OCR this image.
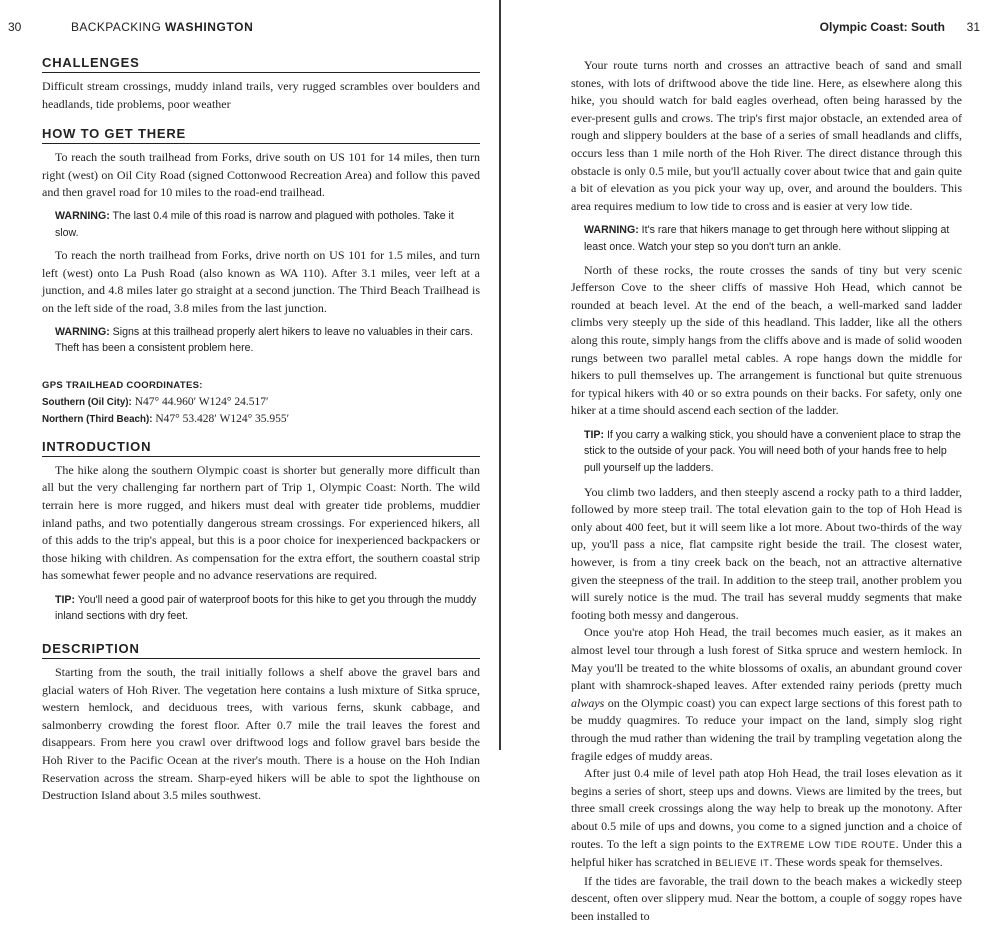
30	BACKPACKING WASHINGTON
CHALLENGES

Difficult stream crossings, muddy inland trails, very rugged scrambles over boulders and headlands, tide problems, poor weather

HOW TO GET THERE

To reach the south trailhead from Forks, drive south on US 101 for 14 miles, then turn right (west) on Oil City Road (signed Cottonwood Recreation Area) and follow this paved and then gravel road for 10 miles to the road-end trailhead.

WARNING: The last 0.4 mile of this road is narrow and plagued with potholes. Take it slow.

To reach the north trailhead from Forks, drive north on US 101 for 1.5 miles, and turn left (west) onto La Push Road (also known as WA 110). After 3.1 miles, veer left at a junction, and 4.8 miles later go straight at a second junction. The Third Beach Trailhead is on the left side of the road, 3.8 miles from the last junction.

WARNING: Signs at this trailhead properly alert hikers to leave no valuables in their cars. Theft has been a consistent problem here.
GPS TRAILHEAD COORDINATES:
Southern (Oil City): N47° 44.960′ W124° 24.517′
Northern (Third Beach): N47° 53.428′ W124° 35.955′
INTRODUCTION

The hike along the southern Olympic coast is shorter but generally more difficult than all but the very challenging far northern part of Trip 1, Olympic Coast: North. The wild terrain here is more rugged, and hikers must deal with greater tide problems, muddier inland paths, and two potentially dangerous stream crossings. For experienced hikers, all of this adds to the trip's appeal, but this is a poor choice for inexperienced backpackers or those hiking with children. As compensation for the extra effort, the southern coastal strip has somewhat fewer people and no advance reservations are required.

TIP: You'll need a good pair of waterproof boots for this hike to get you through the muddy inland sections with dry feet.
DESCRIPTION

Starting from the south, the trail initially follows a shelf above the gravel bars and glacial waters of Hoh River. The vegetation here contains a lush mixture of Sitka spruce, western hemlock, and deciduous trees, with various ferns, skunk cabbage, and salmonberry crowding the forest floor. After 0.7 mile the trail leaves the forest and disappears. From here you crawl over driftwood logs and follow gravel bars beside the Hoh River to the Pacific Ocean at the river's mouth. There is a house on the Hoh Indian Reservation across the stream. Sharp-eyed hikers will be able to spot the lighthouse on Destruction Island about 3.5 miles southwest.

Olympic Coast: South 31

Your route turns north and crosses an attractive beach of sand and small stones, with lots of driftwood above the tide line. Here, as elsewhere along this hike, you should watch for bald eagles overhead, often being harassed by the ever-present gulls and crows. The trip's first major obstacle, an extended area of rough and slippery boulders at the base of a series of small headlands and cliffs, occurs less than 1 mile north of the Hoh River. The direct distance through this obstacle is only 0.5 mile, but you'll actually cover about twice that and gain quite a bit of elevation as you pick your way up, over, and around the boulders. This area requires medium to low tide to cross and is easier at very low tide.

WARNING: It's rare that hikers manage to get through here without slipping at least once. Watch your step so you don't turn an ankle.

North of these rocks, the route crosses the sands of tiny but very scenic Jefferson Cove to the sheer cliffs of massive Hoh Head, which cannot be rounded at beach level. At the end of the beach, a well-marked sand ladder climbs very steeply up the side of this headland. This ladder, like all the others along this route, simply hangs from the cliffs above and is made of solid wooden rungs between two parallel metal cables. A rope hangs down the middle for hikers to pull themselves up. The arrangement is functional but quite strenuous for typical hikers with 40 or so extra pounds on their backs. For safety, only one hiker at a time should ascend each section of the ladder.

TIP: If you carry a walking stick, you should have a convenient place to strap the stick to the outside of your pack. You will need both of your hands free to help pull yourself up the ladders.

You climb two ladders, and then steeply ascend a rocky path to a third ladder, followed by more steep trail. The total elevation gain to the top of Hoh Head is only about 400 feet, but it will seem like a lot more. About two-thirds of the way up, you'll pass a nice, flat campsite right beside the trail. The closest water, however, is from a tiny creek back on the beach, not an attractive alternative given the steepness of the trail. In addition to the steep trail, another problem you will surely notice is the mud. The trail has several muddy segments that make footing both messy and dangerous.

Once you're atop Hoh Head, the trail becomes much easier, as it makes an almost level tour through a lush forest of Sitka spruce and western hemlock. In May you'll be treated to the white blossoms of oxalis, an abundant ground cover plant with shamrock-shaped leaves. After extended rainy periods (pretty much always on the Olympic coast) you can expect large sections of this forest path to be muddy quagmires. To reduce your impact on the land, simply slog right through the mud rather than widening the trail by trampling vegetation along the fragile edges of muddy areas.

After just 0.4 mile of level path atop Hoh Head, the trail loses elevation as it begins a series of short, steep ups and downs. Views are limited by the trees, but three small creek crossings along the way help to break up the monotony. After about 0.5 mile of ups and downs, you come to a signed junction and a choice of routes. To the left a sign points to the EXTREME LOW TIDE ROUTE. Under this a helpful hiker has scratched in BELIEVE IT. These words speak for themselves.

If the tides are favorable, the trail down to the beach makes a wickedly steep descent, often over slippery mud. Near the bottom, a couple of soggy ropes have been installed to
